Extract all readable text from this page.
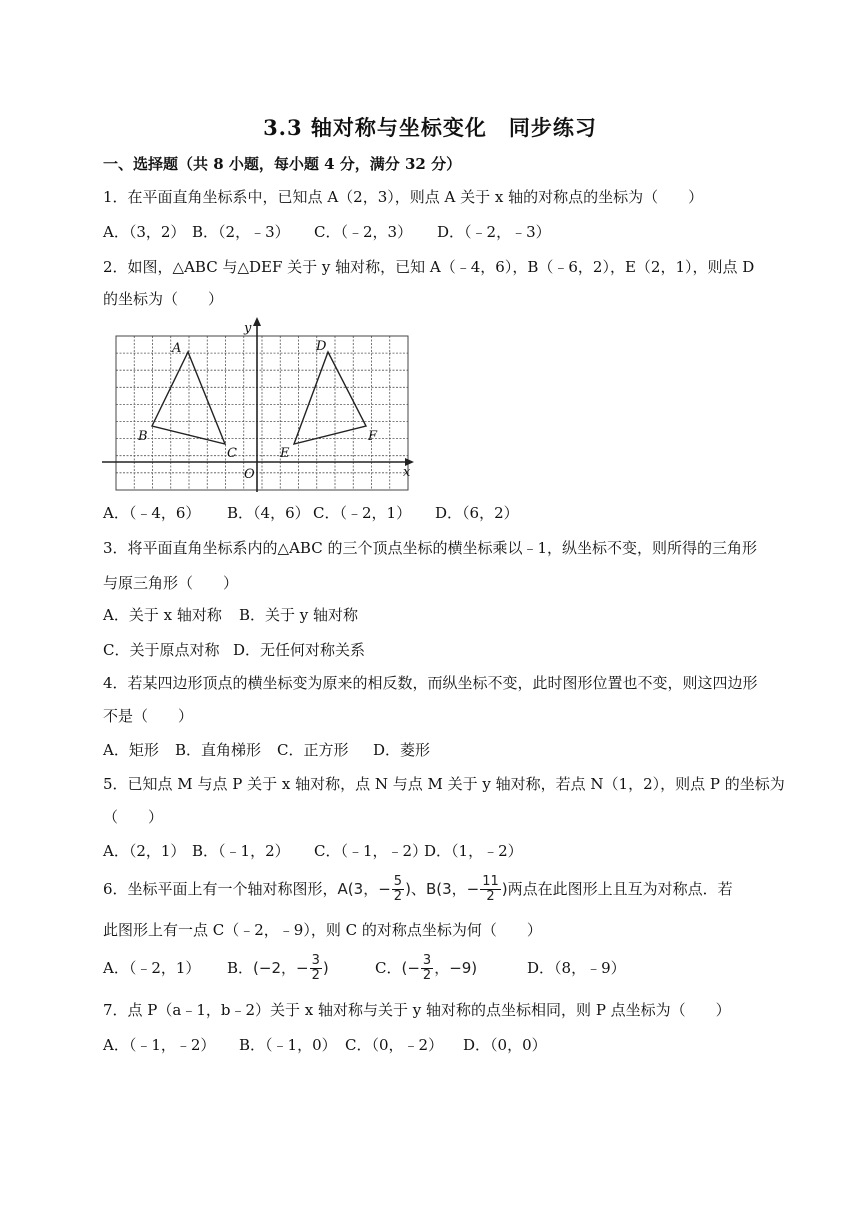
3.3 轴对称与坐标变化　同步练习
一、选择题（共 8 小题，每小题 4 分，满分 32 分）
1．在平面直角坐标系中，已知点 A（2，3），则点 A 关于 x 轴的对称点的坐标为（　　）
A．（3，2） B．（2，﹣3） C．（﹣2，3） D．（﹣2，﹣3）
2．如图，△ABC 与△DEF 关于 y 轴对称，已知 A（﹣4，6），B（﹣6，2），E（2，1），则点 D
的坐标为（　　）
y
x
O
A
B
C
D
E
F
A．（﹣4，6） B．（4，6） C．（﹣2，1） D．（6，2）
3．将平面直角坐标系内的△ABC 的三个顶点坐标的横坐标乘以﹣1，纵坐标不变，则所得的三角形
与原三角形（　　）
A．关于 x 轴对称 B．关于 y 轴对称
C．关于原点对称 D．无任何对称关系
4．若某四边形顶点的横坐标变为原来的相反数，而纵坐标不变，此时图形位置也不变，则这四边形
不是（　　）
A．矩形 B．直角梯形 C．正方形 D．菱形
5．已知点 M 与点 P 关于 x 轴对称，点 N 与点 M 关于 y 轴对称，若点 N（1，2），则点 P 的坐标为
（　　）
A．（2，1） B．（﹣1，2） C．（﹣1，﹣2）D．（1，﹣2）
6．坐标平面上有一个轴对称图形，A(3，− $\frac{5}{2}$ )、B(3，− $\frac{11}{2}$ )两点在此图形上且互为对称点．若
此图形上有一点 C（﹣2，﹣9），则 C 的对称点坐标为何（　　）
A．（﹣2，1） B．(−2，− $\frac{3}{2}$ )	C．(− $\frac{3}{2}$ ，−9)	D．（8，﹣9）
7．点 P（a﹣1，b﹣2）关于 x 轴对称与关于 y 轴对称的点坐标相同，则 P 点坐标为（　　）
A．（﹣1，﹣2） B．（﹣1，0） C．（0，﹣2） D．（0，0）
